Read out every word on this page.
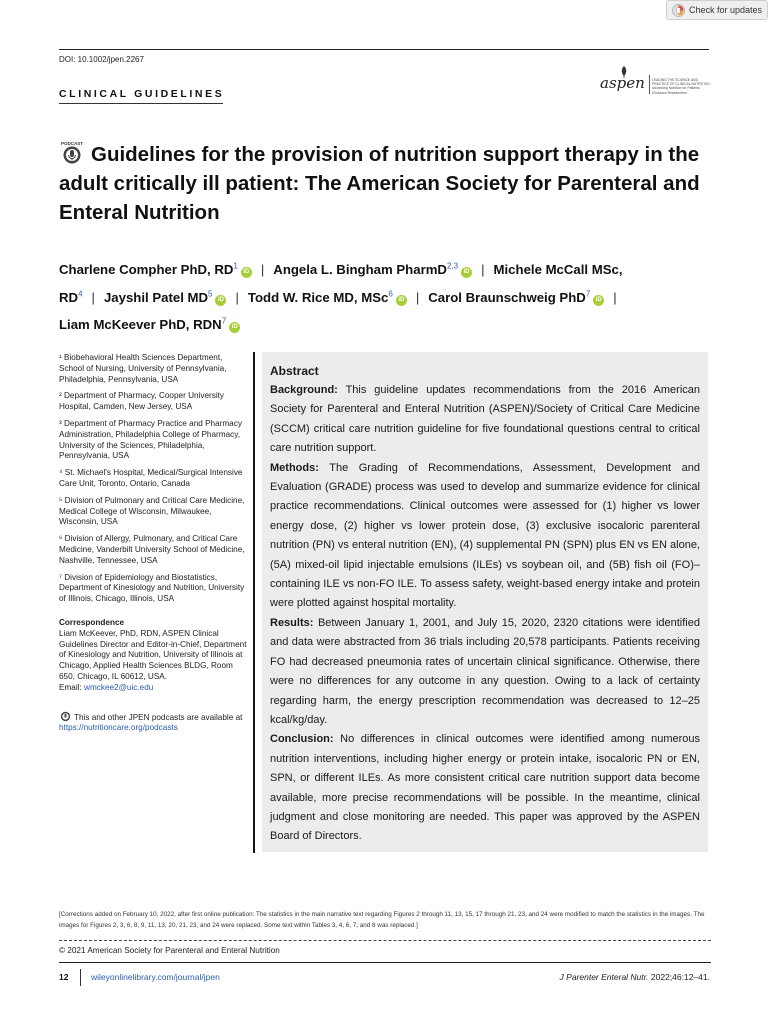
Check for updates
DOI: 10.1002/jpen.2267
CLINICAL GUIDELINES
aspen LEADING THE SCIENCE AND PRACTICE OF CLINICAL NUTRITION Advancing Nutrition for Patients Clinicians Researchers
PODCAST Guidelines for the provision of nutrition support therapy in the adult critically ill patient: The American Society for Parenteral and Enteral Nutrition
Charlene Compher PhD, $RD^1iD$ | Angela L. Bingham PharmD$^{2,3}$iD | Michele McCall MSc, $RD^4$ | Jayshil Patel $MD^5iD$ | Todd W. Rice MD, MSc$^6$iD | Carol Braunschweig PhD$^7$iD |
Liam McKeever PhD, RDN$^7$iD
¹ Biobehavioral Health Sciences Department, School of Nursing, University of Pennsylvania, Philadelphia, Pennsylvania, USA
² Department of Pharmacy, Cooper University Hospital, Camden, New Jersey, USA
³ Department of Pharmacy Practice and Pharmacy Administration, Philadelphia College of Pharmacy, University of the Sciences, Philadelphia, Pennsylvania, USA
⁴ St. Michael's Hospital, Medical/Surgical Intensive Care Unit, Toronto, Ontario, Canada
⁵ Division of Pulmonary and Critical Care Medicine, Medical College of Wisconsin, Milwaukee, Wisconsin, USA
⁶ Division of Allergy, Pulmonary, and Critical Care Medicine, Vanderbilt University School of Medicine, Nashville, Tennessee, USA
⁷ Division of Epidemiology and Biostatistics, Department of Kinesiology and Nutrition, University of Illinois, Chicago, Illinois, USA
Correspondence
Liam McKeever, PhD, RDN, ASPEN Clinical Guidelines Director and Editor-in-Chief, Department of Kinesiology and Nutrition, University of Illinois at Chicago, Applied Health Sciences BLDG, Room 650, Chicago, IL 60612, USA.
Email: wmckee2@uic.edu
This and other JPEN podcasts are available at https://nutritioncare.org/podcasts
Abstract

Background: This guideline updates recommendations from the 2016 American Society for Parenteral and Enteral Nutrition (ASPEN)/Society of Critical Care Medicine (SCCM) critical care nutrition guideline for five foundational questions central to critical care nutrition support.

Methods: The Grading of Recommendations, Assessment, Development and Evaluation (GRADE) process was used to develop and summarize evidence for clinical practice recommendations. Clinical outcomes were assessed for (1) higher vs lower energy dose, (2) higher vs lower protein dose, (3) exclusive isocaloric parenteral nutrition (PN) vs enteral nutrition (EN), (4) supplemental PN (SPN) plus EN vs EN alone, (5A) mixed-oil lipid injectable emulsions (ILEs) vs soybean oil, and (5B) fish oil (FO)–containing ILE vs non-FO ILE. To assess safety, weight-based energy intake and protein were plotted against hospital mortality.

Results: Between January 1, 2001, and July 15, 2020, 2320 citations were identified and data were abstracted from 36 trials including 20,578 participants. Patients receiving FO had decreased pneumonia rates of uncertain clinical significance. Otherwise, there were no differences for any outcome in any question. Owing to a lack of certainty regarding harm, the energy prescription recommendation was decreased to 12–25 kcal/kg/day.

Conclusion: No differences in clinical outcomes were identified among numerous nutrition interventions, including higher energy or protein intake, isocaloric PN or EN, SPN, or different ILEs. As more consistent critical care nutrition support data become available, more precise recommendations will be possible. In the meantime, clinical judgment and close monitoring are needed. This paper was approved by the ASPEN Board of Directors.

[Corrections added on February 10, 2022, after first online publication: The statistics in the main narrative text regarding Figures 2 through 11, 13, 15, 17 through 21, 23, and 24 were modified to match the statistics in the images. The images for Figures 2, 3, 6, 8, 9, 11, 13, 20, 21, 23, and 24 were replaced. Some text within Tables 3, 4, 6, 7, and 8 was replaced.]
© 2021 American Society for Parenteral and Enteral Nutrition
12	wileyonlinelibrary.com/journal/jpen	J Parenter Enteral Nutr. 2022;46:12–41.
